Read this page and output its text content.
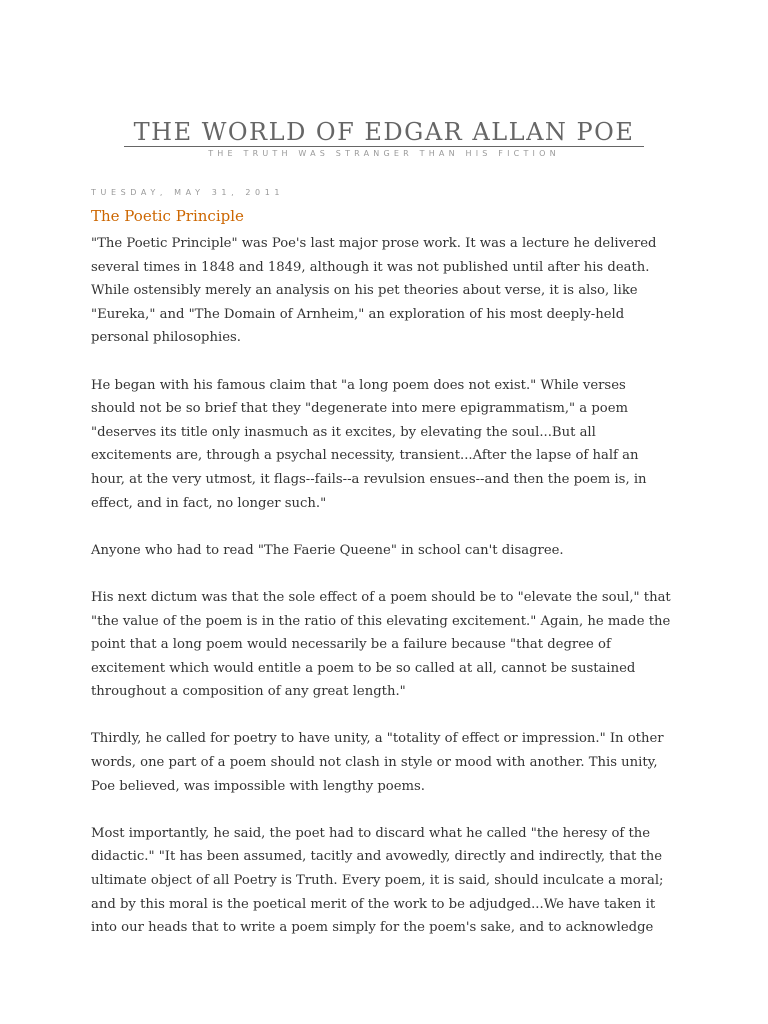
THE WORLD OF EDGAR ALLAN POE
THE TRUTH WAS STRANGER THAN HIS FICTION
TUESDAY, MAY 31, 2011
The Poetic Principle

"The Poetic Principle" was Poe's last major prose work. It was a lecture he delivered several times in 1848 and 1849, although it was not published until after his death. While ostensibly merely an analysis on his pet theories about verse, it is also, like "Eureka," and "The Domain of Arnheim," an exploration of his most deeply-held personal philosophies.

He began with his famous claim that "a long poem does not exist." While verses should not be so brief that they "degenerate into mere epigrammatism," a poem "deserves its title only inasmuch as it excites, by elevating the soul...But all excitements are, through a psychal necessity, transient...After the lapse of half an hour, at the very utmost, it flags--fails--a revulsion ensues--and then the poem is, in effect, and in fact, no longer such."

Anyone who had to read "The Faerie Queene" in school can't disagree.

His next dictum was that the sole effect of a poem should be to "elevate the soul," that "the value of the poem is in the ratio of this elevating excitement." Again, he made the point that a long poem would necessarily be a failure because "that degree of excitement which would entitle a poem to be so called at all, cannot be sustained throughout a composition of any great length."

Thirdly, he called for poetry to have unity, a "totality of effect or impression." In other words, one part of a poem should not clash in style or mood with another. This unity, Poe believed, was impossible with lengthy poems.

Most importantly, he said, the poet had to discard what he called "the heresy of the didactic." "It has been assumed, tacitly and avowedly, directly and indirectly, that the ultimate object of all Poetry is Truth. Every poem, it is said, should inculcate a moral; and by this moral is the poetical merit of the work to be adjudged...We have taken it into our heads that to write a poem simply for the poem's sake, and to acknowledge
